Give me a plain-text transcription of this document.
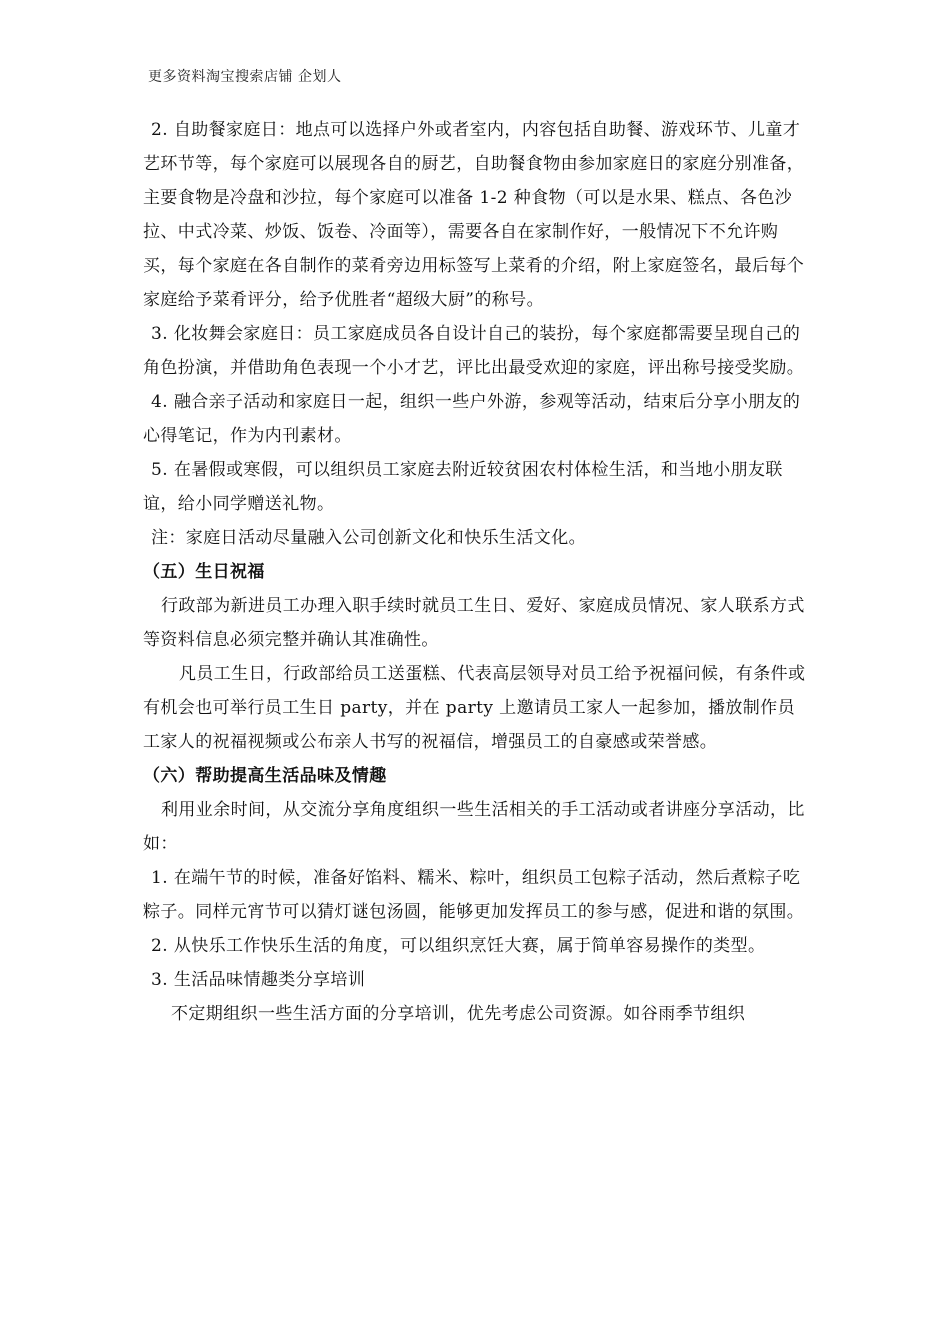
更多资料淘宝搜索店铺 企划人

2. 自助餐家庭日：地点可以选择户外或者室内，内容包括自助餐、游戏环节、儿童才艺环节等，每个家庭可以展现各自的厨艺，自助餐食物由参加家庭日的家庭分别准备，主要食物是冷盘和沙拉，每个家庭可以准备 1-2 种食物（可以是水果、糕点、各色沙拉、中式冷菜、炒饭、饭卷、冷面等），需要各自在家制作好，一般情况下不允许购买，每个家庭在各自制作的菜肴旁边用标签写上菜肴的介绍，附上家庭签名，最后每个家庭给予菜肴评分，给予优胜者“超级大厨”的称号。

3. 化妆舞会家庭日：员工家庭成员各自设计自己的装扮，每个家庭都需要呈现自己的角色扮演，并借助角色表现一个小才艺，评比出最受欢迎的家庭，评出称号接受奖励。

4. 融合亲子活动和家庭日一起，组织一些户外游，参观等活动，结束后分享小朋友的心得笔记，作为内刊素材。

5. 在暑假或寒假，可以组织员工家庭去附近较贫困农村体检生活，和当地小朋友联谊，给小同学赠送礼物。

注：家庭日活动尽量融入公司创新文化和快乐生活文化。

（五）生日祝福

行政部为新进员工办理入职手续时就员工生日、爱好、家庭成员情况、家人联系方式等资料信息必须完整并确认其准确性。

凡员工生日，行政部给员工送蛋糕、代表高层领导对员工给予祝福问候，有条件或有机会也可举行员工生日 party，并在 party 上邀请员工家人一起参加，播放制作员工家人的祝福视频或公布亲人书写的祝福信，增强员工的自豪感或荣誉感。

（六）帮助提高生活品味及情趣

利用业余时间，从交流分享角度组织一些生活相关的手工活动或者讲座分享活动，比如：

1. 在端午节的时候，准备好馅料、糯米、粽叶，组织员工包粽子活动，然后煮粽子吃粽子。同样元宵节可以猜灯谜包汤圆，能够更加发挥员工的参与感，促进和谐的氛围。

2. 从快乐工作快乐生活的角度，可以组织烹饪大赛，属于简单容易操作的类型。

3. 生活品味情趣类分享培训

不定期组织一些生活方面的分享培训，优先考虑公司资源。如谷雨季节组织
